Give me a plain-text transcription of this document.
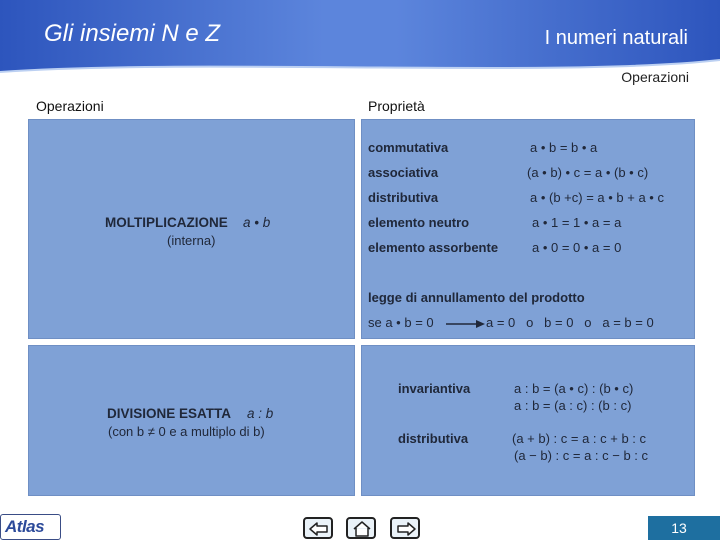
Gli insiemi N e Z	I numeri naturali
Operazioni
Operazioni	Proprietà
MOLTIPLICAZIONE a • b
(interna)
commutativa	a • b = b • a
associativa	(a • b) • c = a • (b • c)
distributiva	a • (b +c) = a • b + a • c
elemento neutro	a • 1 = 1 • a = a
elemento assorbente	a • 0 = 0 • a = 0
legge di annullamento del prodotto
se a • b = 0	a = 0   o   b = 0   o   a = b = 0
DIVISIONE ESATTA a : b
(con b ≠ 0 e a multiplo di b)
invariantiva	a : b = (a • c) : (b • c)
a : b = (a : c) : (b : c)
distributiva	(a + b) : c = a : c + b : c
(a − b) : c = a : c − b : c
Atlas	13
